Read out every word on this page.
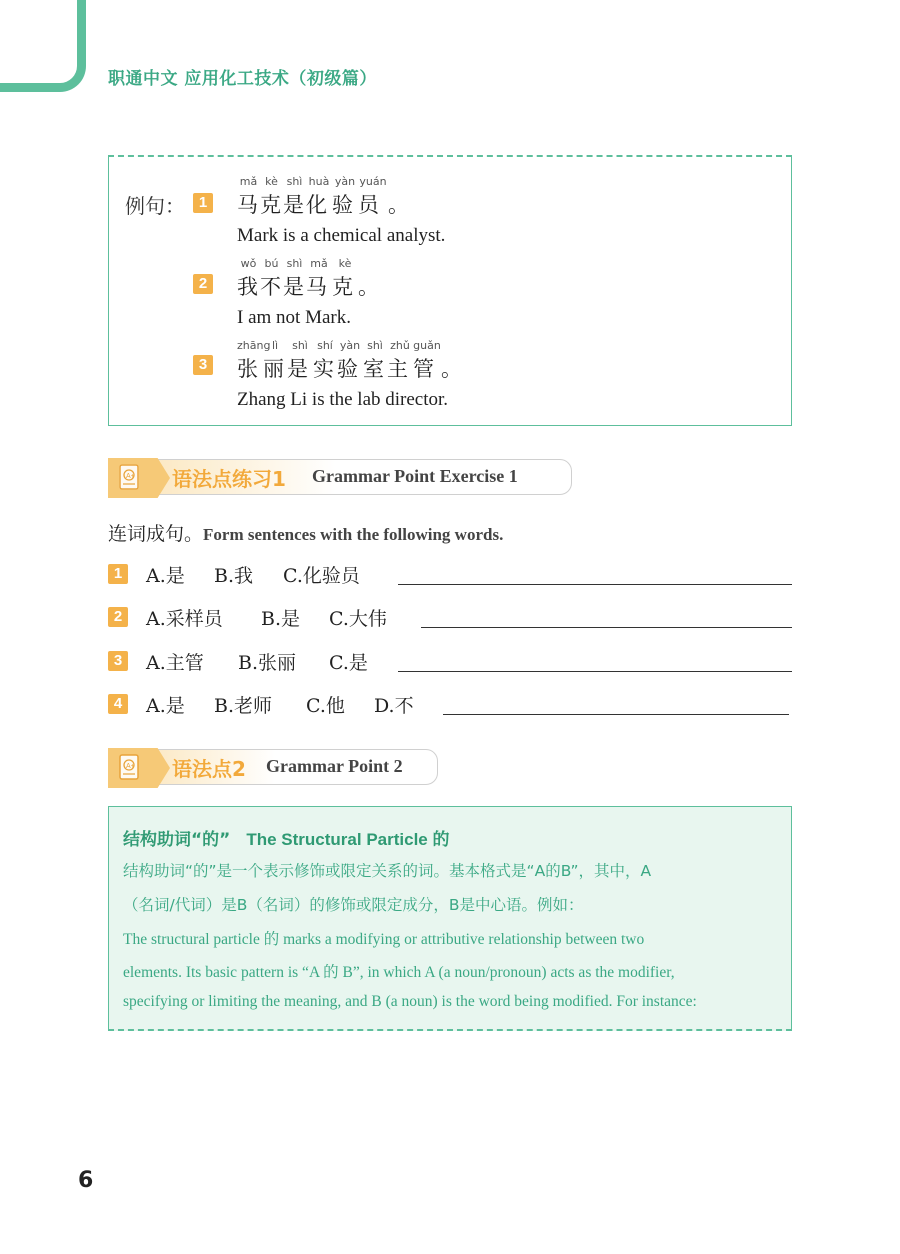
职通中文 应用化工技术（初级篇）
例句： 1
mǎ kè shì huà yàn yuán
马克是化 验 员 。
Mark is a chemical analyst.
2
wǒ bú shì mǎ kè
我不是马 克 。
I am not Mark.
3
zhānglì shì shí yàn shì zhǔ guǎn
张 丽 是 实 验 室 主 管 。
Zhang Li is the lab director.
A+ 语法点练习1 Grammar Point Exercise 1
连词成句。Form sentences with the following words.
1	A.是 B.我 C.化验员
2	A.采样员 B.是 C.大伟
3	A.主管 B.张丽 C.是
4	A.是 B.老师 C.他 D.不
A+ 语法点2 Grammar Point 2
结构助词“的” The Structural Particle 的
结构助词“的”是一个表示修饰或限定关系的词。基本格式是“A的B”，其中，A
（名词/代词）是B（名词）的修饰或限定成分，B是中心语。例如：
The structural particle 的 marks a modifying or attributive relationship between two
elements. Its basic pattern is “A 的 B”, in which A (a noun/pronoun) acts as the modifier,
specifying or limiting the meaning, and B (a noun) is the word being modified. For instance:
6
